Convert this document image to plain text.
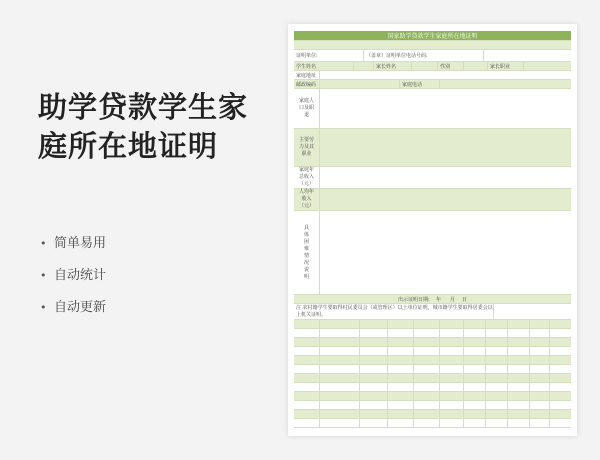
助学贷款学生家
庭所在地证明
• 简单易用
• 自动统计
• 自动更新
国家助学贷款学生家庭所在地证明
证明单位:	（盖章） 证明单位电话号码:
学生姓名	家长姓名	性别	家长职业
家庭地址
邮政编码	家庭电话
家庭人口及职退
主要劳力及其职业
家庭年总收入（元）
人均年收入（元）
具体困难情况说明
出示证明日期:	年	月	日
注 农村籍学生要取得村民委员会（或管理区）以上单位证明，城市籍学生要取得居委会以上机关证明。
